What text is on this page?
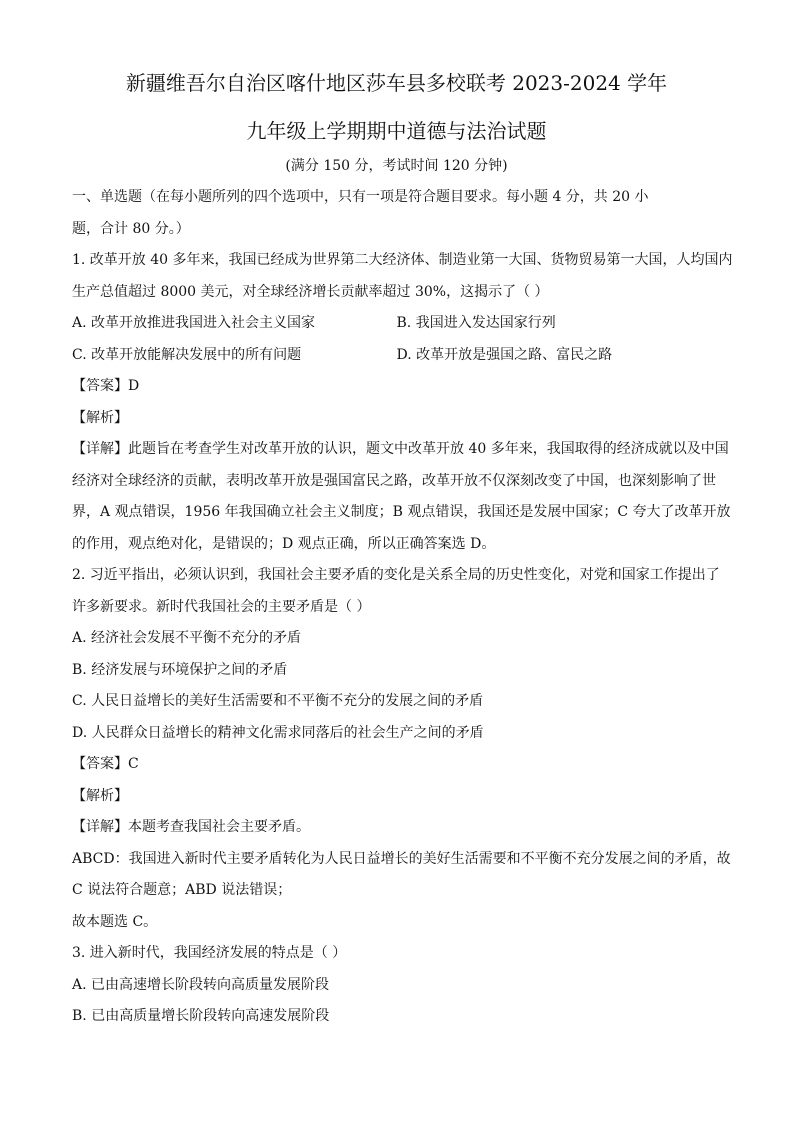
新疆维吾尔自治区喀什地区莎车县多校联考 2023-2024 学年
九年级上学期期中道德与法治试题
(满分 150 分，考试时间 120 分钟)
一、单选题（在每小题所列的四个选项中，只有一项是符合题目要求。每小题 4 分，共 20 小
题，合计 80 分。）
1. 改革开放 40 多年来，我国已经成为世界第二大经济体、制造业第一大国、货物贸易第一大国，人均国内
生产总值超过 8000 美元，对全球经济增长贡献率超过 30%，这揭示了（ ）
A. 改革开放推进我国进入社会主义国家	B. 我国进入发达国家行列
C. 改革开放能解决发展中的所有问题	D. 改革开放是强国之路、富民之路
【答案】D
【解析】
【详解】此题旨在考查学生对改革开放的认识，题文中改革开放 40 多年来，我国取得的经济成就以及中国
经济对全球经济的贡献，表明改革开放是强国富民之路，改革开放不仅深刻改变了中国，也深刻影响了世
界，A 观点错误，1956 年我国确立社会主义制度；B 观点错误，我国还是发展中国家；C 夸大了改革开放
的作用，观点绝对化，是错误的；D 观点正确，所以正确答案选 D。
2. 习近平指出，必须认识到，我国社会主要矛盾的变化是关系全局的历史性变化，对党和国家工作提出了
许多新要求。新时代我国社会的主要矛盾是（ ）
A. 经济社会发展不平衡不充分的矛盾
B. 经济发展与环境保护之间的矛盾
C. 人民日益增长的美好生活需要和不平衡不充分的发展之间的矛盾
D. 人民群众日益增长的精神文化需求同落后的社会生产之间的矛盾
【答案】C
【解析】
【详解】本题考查我国社会主要矛盾。
ABCD：我国进入新时代主要矛盾转化为人民日益增长的美好生活需要和不平衡不充分发展之间的矛盾，故
C 说法符合题意；ABD 说法错误；
故本题选 C。
3. 进入新时代，我国经济发展的特点是（ ）
A. 已由高速增长阶段转向高质量发展阶段
B. 已由高质量增长阶段转向高速发展阶段
